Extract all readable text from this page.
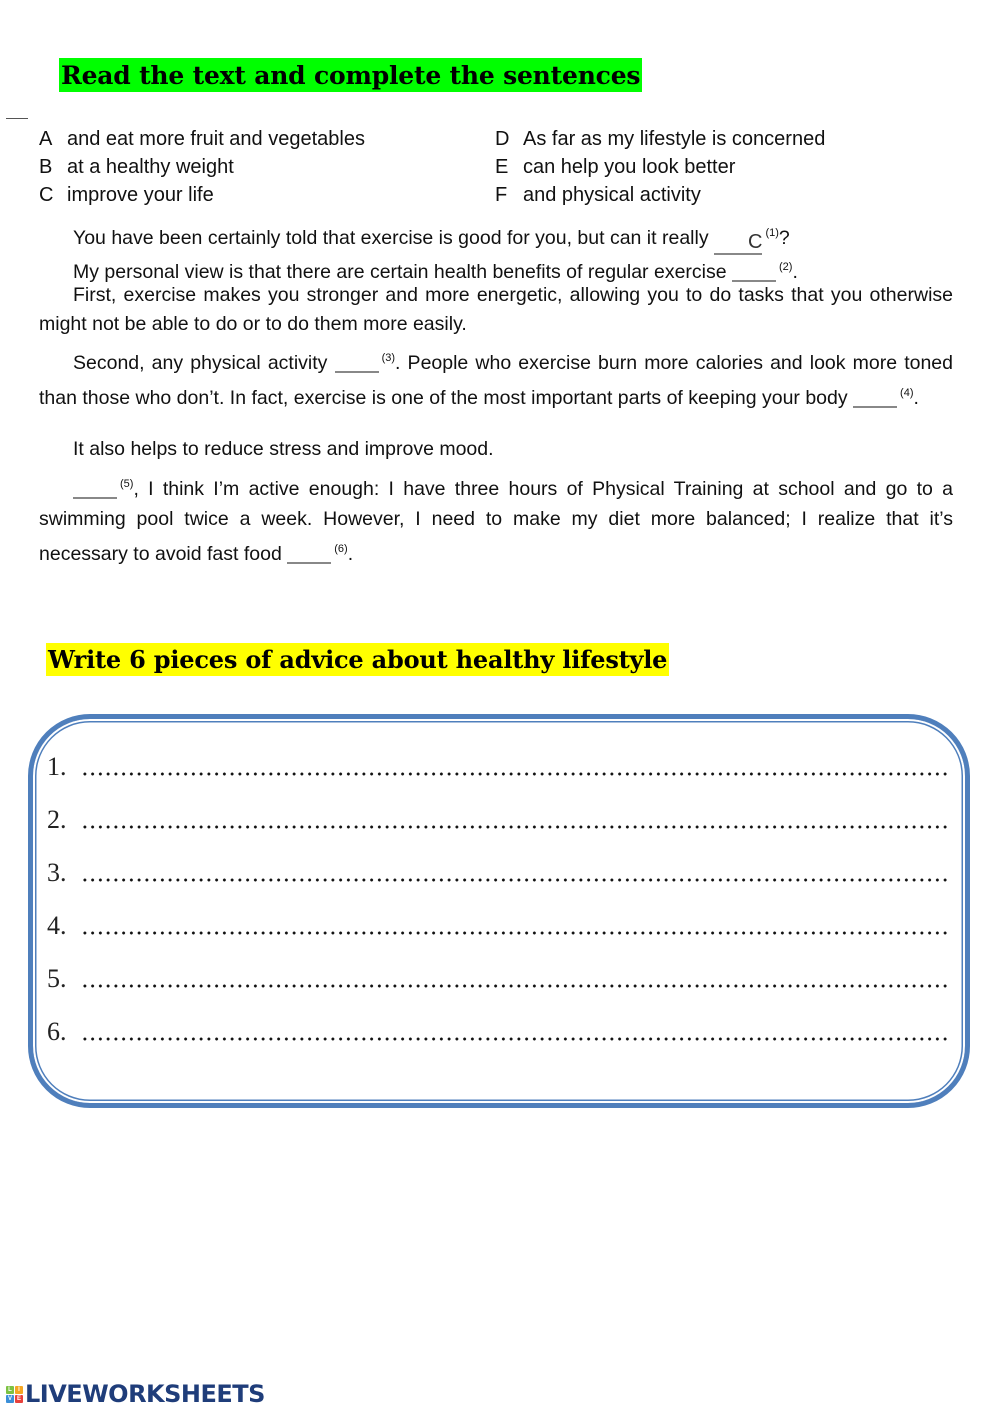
Read the text and complete the sentences
A and eat more fruit and vegetables
B at a healthy weight
C improve your life
D As far as my lifestyle is concerned
E can help you look better
F and physical activity
You have been certainly told that exercise is good for you, but can it really C $^{(1)}$?
My personal view is that there are certain health benefits of regular exercise	$^{(2)}$.
First, exercise makes you stronger and more energetic, allowing you to do tasks that you otherwise might not be able to do or to do them more easily.
Second, any physical activity	$^{(3)}$. People who exercise burn more calories and look more toned than those who don’t. In fact, exercise is one of the most important parts of keeping your body	$^{(4)}$.
It also helps to reduce stress and improve mood.
$^{(5)}$, I think I’m active enough: I have three hours of Physical Training at school and go to a swimming pool twice a week. However, I need to make my diet more balanced; I realize that it’s necessary to avoid fast food	$^{(6)}$.
Write 6 pieces of advice about healthy lifestyle
1.
2.
3.
4.
5.
6.
L	I
V E LIVEWORKSHEETS
